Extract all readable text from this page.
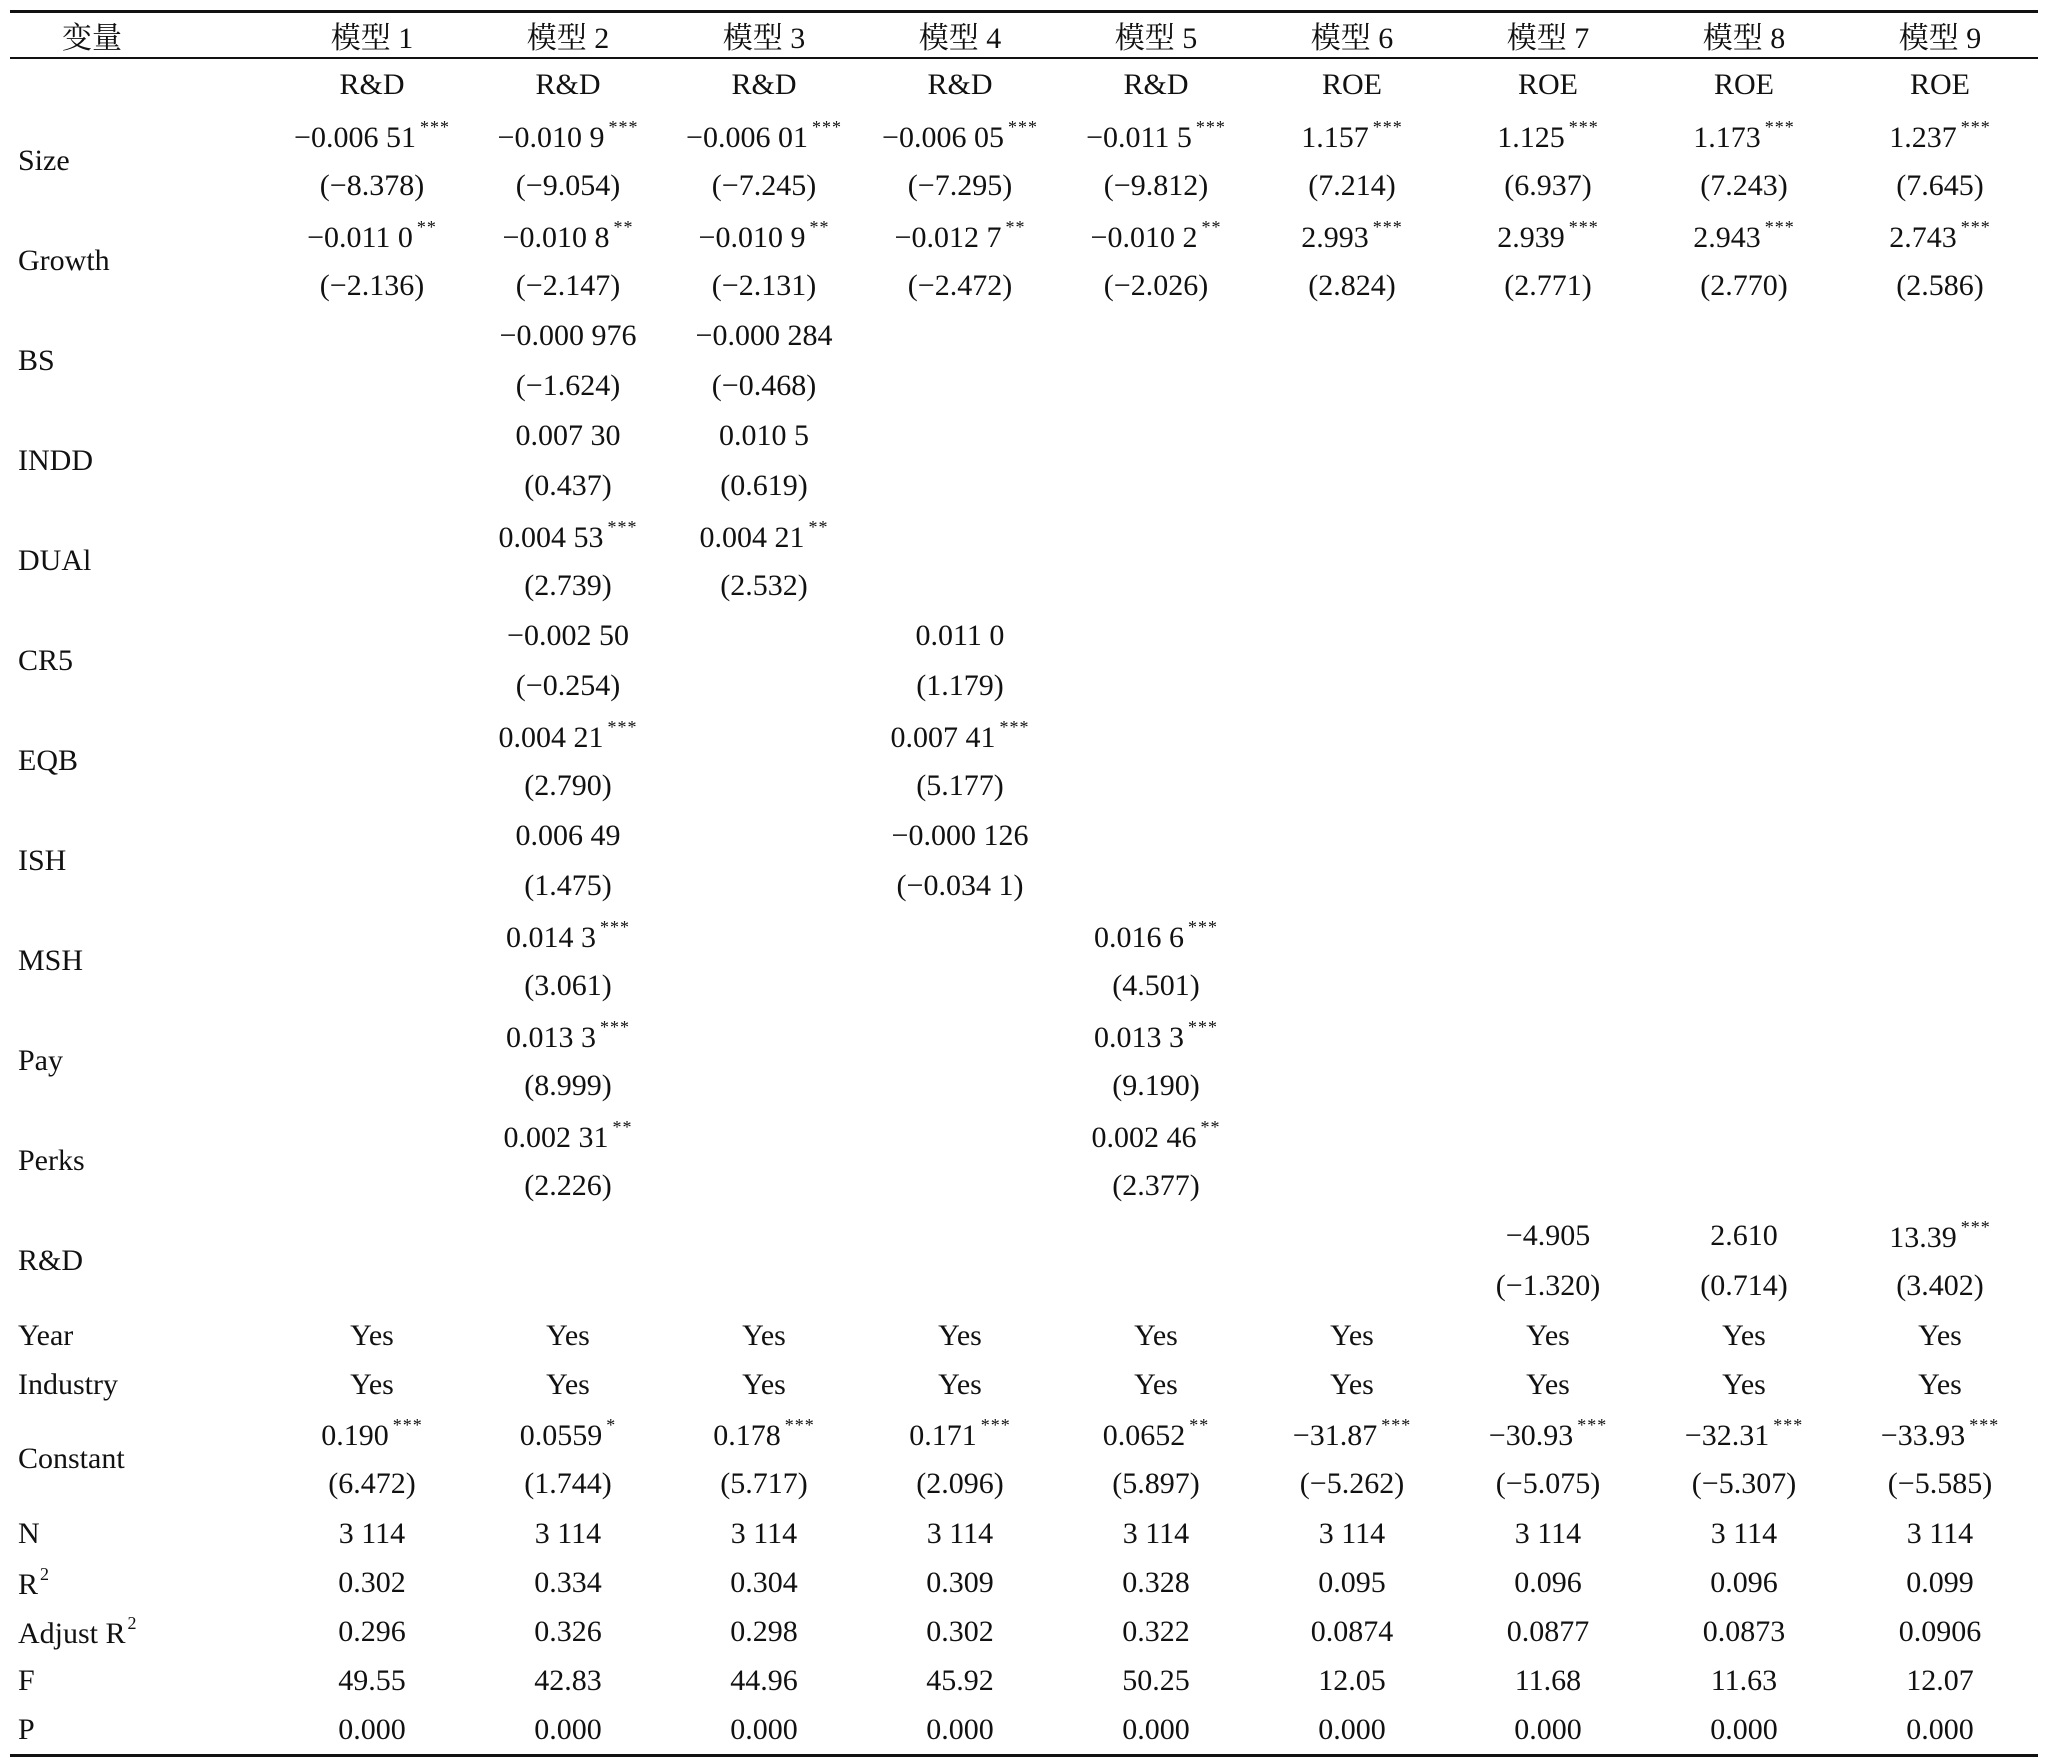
变量	模型 1	模型 2	模型 3	模型 4	模型 5	模型 6	模型 7	模型 8	模型 9
	R&D	R&D	R&D	R&D	R&D	ROE	ROE	ROE	ROE
Size	−0.006 51 ***	−0.010 9 ***	−0.006 01 ***	−0.006 05 ***	−0.011 5 ***	1.157 ***	1.125 ***	1.173 ***	1.237 ***
	(−8.378)	(−9.054)	(−7.245)	(−7.295)	(−9.812)	(7.214)	(6.937)	(7.243)	(7.645)
Growth	−0.011 0 **	−0.010 8 **	−0.010 9 **	−0.012 7 **	−0.010 2 **	2.993 ***	2.939 ***	2.943 ***	2.743 ***
	(−2.136)	(−2.147)	(−2.131)	(−2.472)	(−2.026)	(2.824)	(2.771)	(2.770)	(2.586)
BS		−0.000 976	−0.000 284						
		(−1.624)	(−0.468)						
INDD		0.007 30	0.010 5						
		(0.437)	(0.619)						
DUAl		0.004 53 ***	0.004 21 **						
		(2.739)	(2.532)						
CR5		−0.002 50		0.011 0					
		(−0.254)		(1.179)					
EQB		0.004 21 ***		0.007 41 ***					
		(2.790)		(5.177)					
ISH		0.006 49		−0.000 126					
		(1.475)		(−0.034 1)					
MSH		0.014 3 ***			0.016 6 ***				
		(3.061)			(4.501)				
Pay		0.013 3 ***			0.013 3 ***				
		(8.999)			(9.190)				
Perks		0.002 31 **			0.002 46 **				
		(2.226)			(2.377)				
R&D							−4.905	2.610	13.39 ***
							(−1.320)	(0.714)	(3.402)
Year	Yes	Yes	Yes	Yes	Yes	Yes	Yes	Yes	Yes
Industry	Yes	Yes	Yes	Yes	Yes	Yes	Yes	Yes	Yes
Constant	0.190 ***	0.0559 *	0.178 ***	0.171 ***	0.0652 **	−31.87 ***	−30.93 ***	−32.31 ***	−33.93 ***
	(6.472)	(1.744)	(5.717)	(2.096)	(5.897)	(−5.262)	(−5.075)	(−5.307)	(−5.585)
N	3 114	3 114	3 114	3 114	3 114	3 114	3 114	3 114	3 114
R $^2$	0.302	0.334	0.304	0.309	0.328	0.095	0.096	0.096	0.099
Adjust R $^2$	0.296	0.326	0.298	0.302	0.322	0.0874	0.0877	0.0873	0.0906
F	49.55	42.83	44.96	45.92	50.25	12.05	11.68	11.63	12.07
P	0.000	0.000	0.000	0.000	0.000	0.000	0.000	0.000	0.000
